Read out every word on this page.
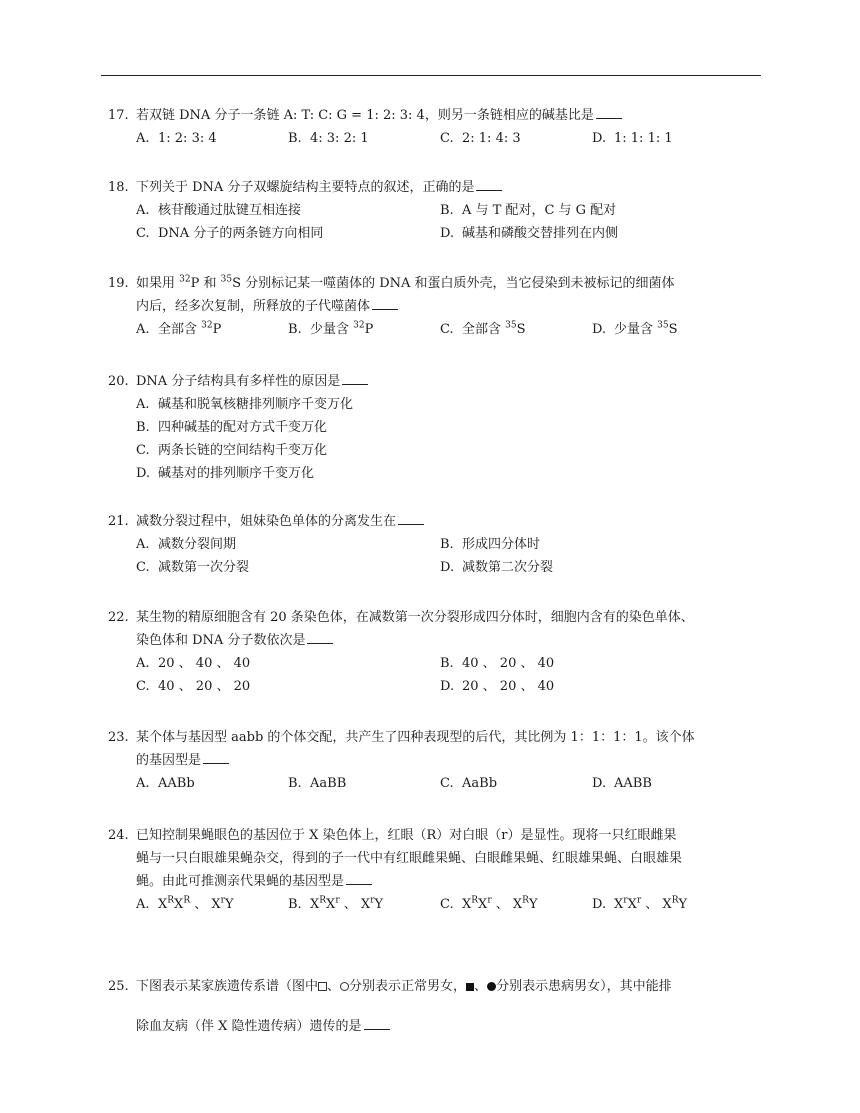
17. 若双链 DNA 分子一条链 A: T: C: G = 1: 2: 3: 4，则另一条链相应的碱基比是
A. 1: 2: 3: 4	B. 4: 3: 2: 1	C. 2: 1: 4: 3	D. 1: 1: 1: 1
18. 下列关于 DNA 分子双螺旋结构主要特点的叙述，正确的是
A. 核苷酸通过肽键互相连接	B. A 与 T 配对，C 与 G 配对
C. DNA 分子的两条链方向相同	D. 碱基和磷酸交替排列在内侧
19. 如果用 $^{32}$P 和 $^{35}$S 分别标记某一噬菌体的 DNA 和蛋白质外壳，当它侵染到未被标记的细菌体
内后，经多次复制，所释放的子代噬菌体
A. 全部含 $^{32}$P	B. 少量含 $^{32}$P	C. 全部含 $^{35}$S	D. 少量含 $^{35}$S
20. DNA 分子结构具有多样性的原因是
A. 碱基和脱氧核糖排列顺序千变万化
B. 四种碱基的配对方式千变万化
C. 两条长链的空间结构千变万化
D. 碱基对的排列顺序千变万化
21. 减数分裂过程中，姐妹染色单体的分离发生在
A. 减数分裂间期	B. 形成四分体时
C. 减数第一次分裂	D. 减数第二次分裂
22. 某生物的精原细胞含有 20 条染色体，在减数第一次分裂形成四分体时，细胞内含有的染色单体、
染色体和 DNA 分子数依次是
A. 20 、 40 、 40	B. 40 、 20 、 40
C. 40 、 20 、 20	D. 20 、 20 、 40
23. 某个体与基因型 aabb 的个体交配，共产生了四种表现型的后代，其比例为 1：1：1：1。该个体
的基因型是
A. AABb	B. AaBB	C. AaBb	D. AABB
24. 已知控制果蝇眼色的基因位于 X 染色体上，红眼（R）对白眼（r）是显性。现将一只红眼雌果
蝇与一只白眼雄果蝇杂交，得到的子一代中有红眼雌果蝇、白眼雌果蝇、红眼雄果蝇、白眼雄果
蝇。由此可推测亲代果蝇的基因型是
A. $X^RX^R$ 、 $X^rY$	B. $X^RX^r$ 、 $X^rY$	C. $X^RX^r$ 、 $X^RY$	D. $X^rX^r$ 、 $X^RY$
25. 下图表示某家族遗传系谱（图中 、 分别表示正常男女， 、 分别表示患病男女），其中能排
除血友病（伴 X 隐性遗传病）遗传的是
